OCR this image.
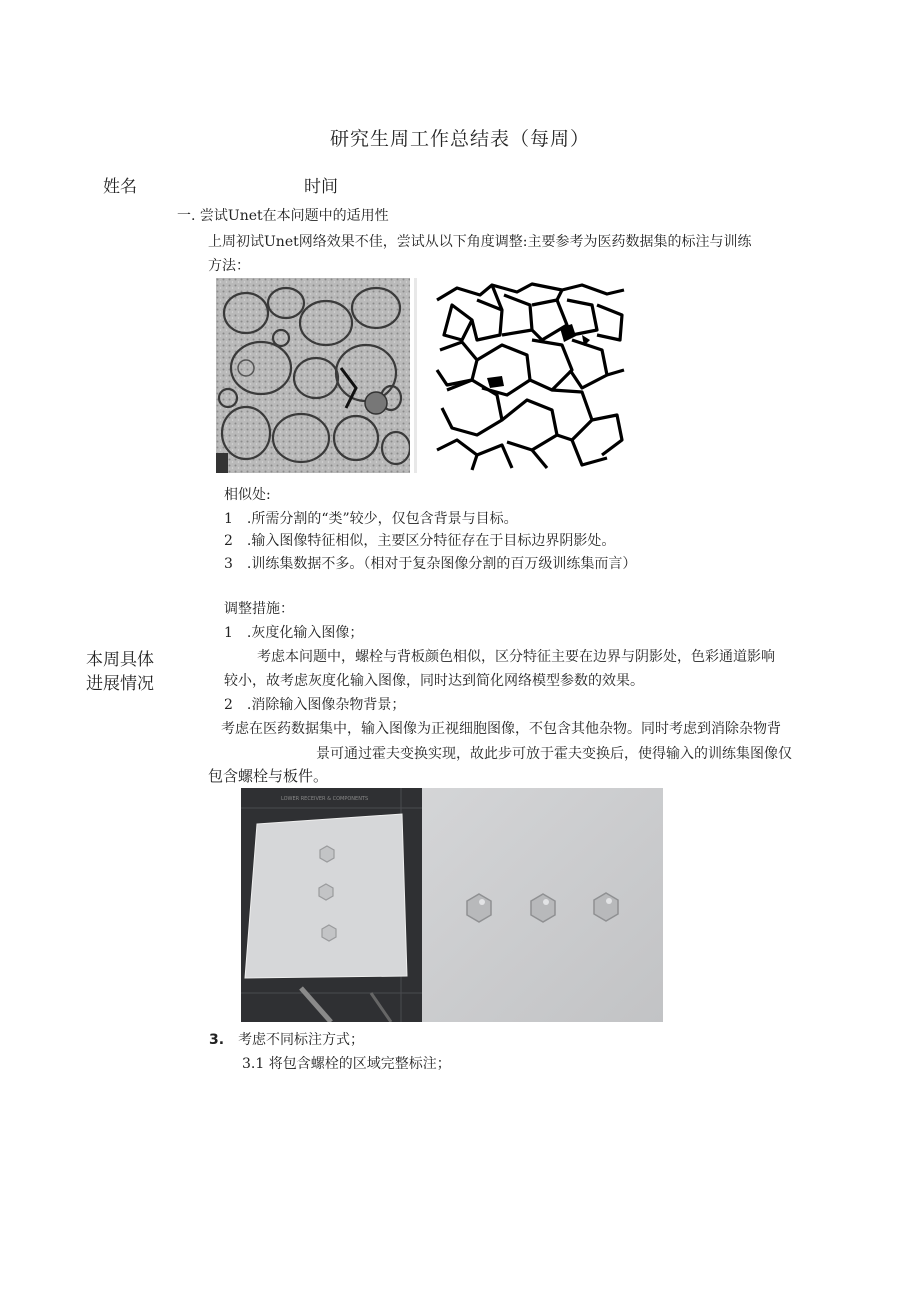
研究生周工作总结表（每周）
姓名	时间
本周具体
进展情况
一. 尝试Unet在本问题中的适用性
上周初试Unet网络效果不佳，尝试从以下角度调整:主要参考为医药数据集的标注与训练
方法：
相似处:
1 .所需分割的“类”较少，仅包含背景与目标。
2 .输入图像特征相似，主要区分特征存在于目标边界阴影处。
3 .训练集数据不多。（相对于复杂图像分割的百万级训练集而言）
调整措施：
1 .灰度化输入图像；
考虑本问题中，螺栓与背板颜色相似，区分特征主要在边界与阴影处，色彩通道影响
较小，故考虑灰度化输入图像，同时达到简化网络模型参数的效果。
2 .消除输入图像杂物背景；
考虑在医药数据集中，输入图像为正视细胞图像，不包含其他杂物。同时考虑到消除杂物背
景可通过霍夫变换实现，故此步可放于霍夫变换后，使得输入的训练集图像仅
包含螺栓与板件。
LOWER RECEIVER & COMPONENTS
3. 考虑不同标注方式；
3.1 将包含螺栓的区域完整标注；
